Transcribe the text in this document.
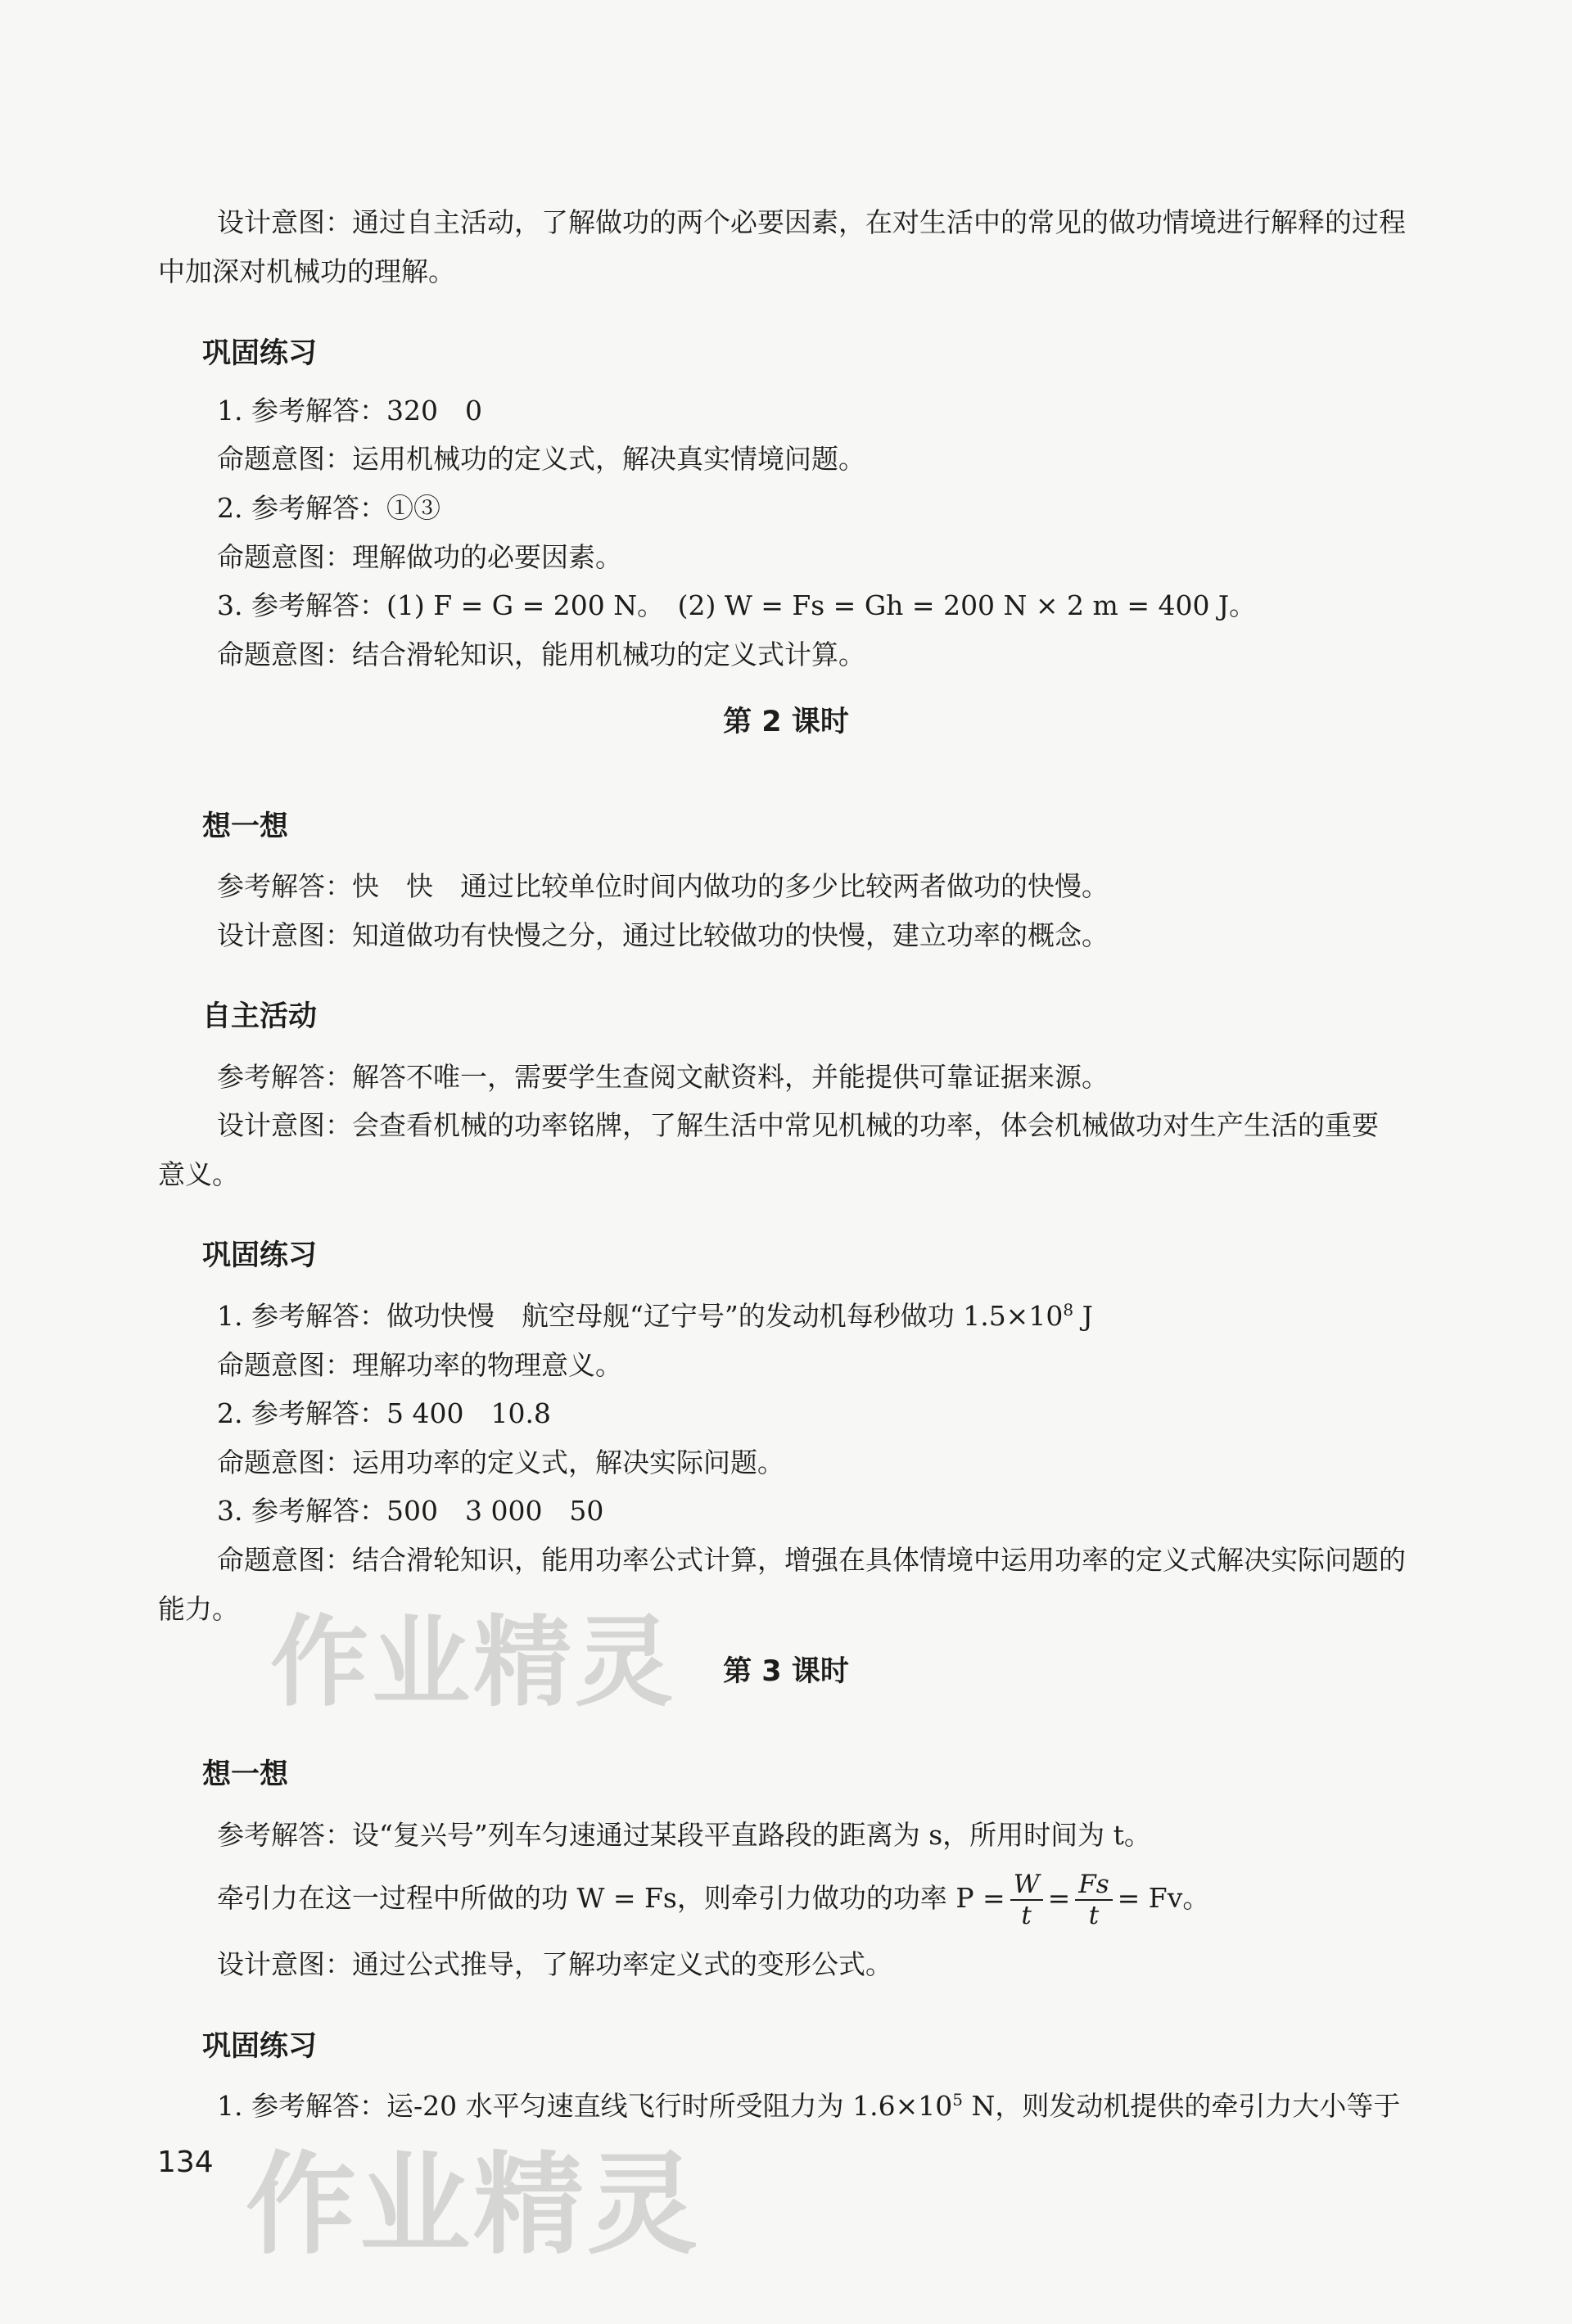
设计意图：通过自主活动，了解做功的两个必要因素，在对生活中的常见的做功情境进行解释的过程
中加深对机械功的理解。
巩固练习
1. 参考解答：320　0
命题意图：运用机械功的定义式，解决真实情境问题。
2. 参考解答：①③
命题意图：理解做功的必要因素。
3. 参考解答：(1) F = G = 200 N。　(2) W = Fs = Gh = 200 N × 2 m = 400 J。
命题意图：结合滑轮知识，能用机械功的定义式计算。
第 2 课时
想一想
参考解答：快　快　通过比较单位时间内做功的多少比较两者做功的快慢。
设计意图：知道做功有快慢之分，通过比较做功的快慢，建立功率的概念。
自主活动
参考解答：解答不唯一，需要学生查阅文献资料，并能提供可靠证据来源。
设计意图：会查看机械的功率铭牌，了解生活中常见机械的功率，体会机械做功对生产生活的重要
意义。
巩固练习
1. 参考解答：做功快慢　航空母舰“辽宁号”的发动机每秒做功 $1.5\times 10^8$ J
命题意图：理解功率的物理意义。
2. 参考解答：5 400　10.8
命题意图：运用功率的定义式，解决实际问题。
3. 参考解答：500　3 000　50
命题意图：结合滑轮知识，能用功率公式计算，增强在具体情境中运用功率的定义式解决实际问题的
能力。 作业精灵	第 3 课时
想一想
参考解答：设“复兴号”列车匀速通过某段平直路段的距离为 s，所用时间为 t。
牵引力在这一过程中所做的功 W = Fs，则牵引力做功的功率 $P = \frac{W}{t} = \frac{Fs}{t} = Fv$。
设计意图：通过公式推导，了解功率定义式的变形公式。
巩固练习
1. 参考解答：运-20 水平匀速直线飞行时所受阻力为 $1.6\times 10^5$ N，则发动机提供的牵引力大小等于
作业精灵
134
